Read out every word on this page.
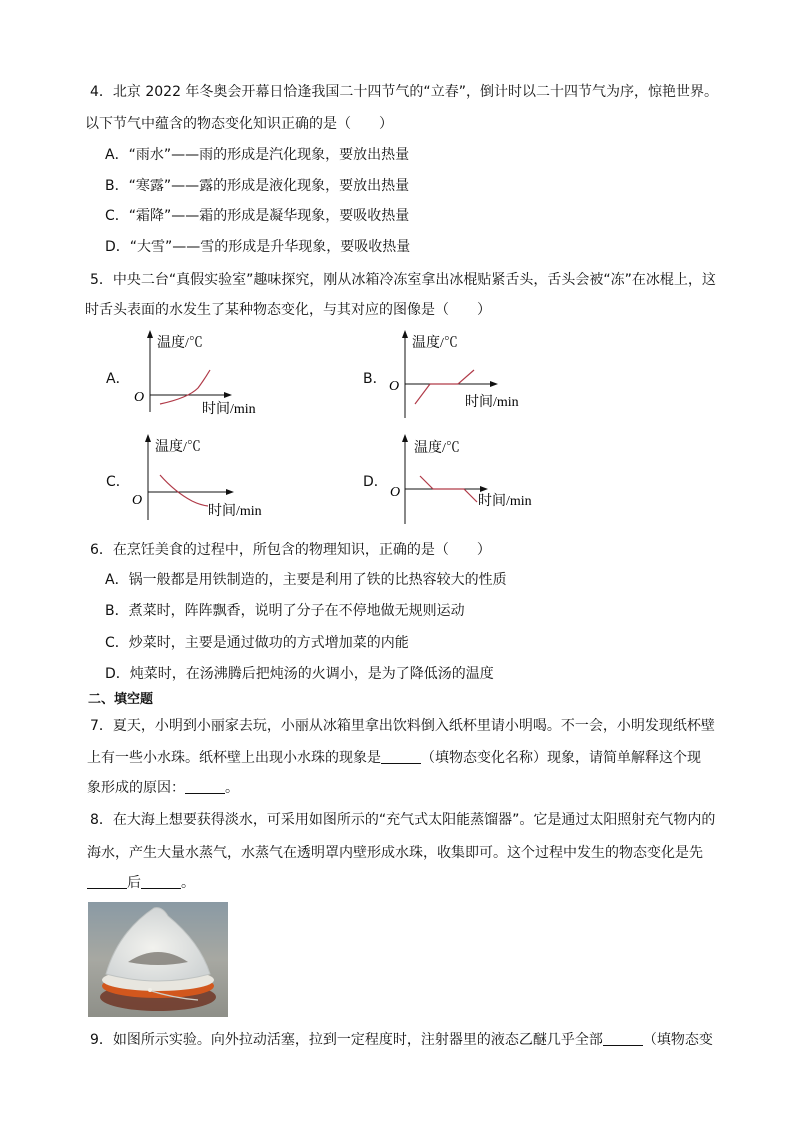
4．北京 2022 年冬奥会开幕日恰逢我国二十四节气的“立春”，倒计时以二十四节气为序，惊艳世界。
以下节气中蕴含的物态变化知识正确的是（　　）
A．“雨水”——雨的形成是汽化现象，要放出热量
B．“寒露”——露的形成是液化现象，要放出热量
C．“霜降”——霜的形成是凝华现象，要吸收热量
D．“大雪”——雪的形成是升华现象，要吸收热量
5．中央二台“真假实验室”趣味探究，刚从冰箱冷冻室拿出冰棍贴紧舌头，舌头会被“冻”在冰棍上，这
时舌头表面的水发生了某种物态变化，与其对应的图像是（　　）
A．
温度/℃
O
时间/min
B．
温度/℃
O
时间/min
C．
温度/℃
O
时间/min
D．
温度/℃
O
时间/min
6．在烹饪美食的过程中，所包含的物理知识，正确的是（　　）
A．锅一般都是用铁制造的，主要是利用了铁的比热容较大的性质
B．煮菜时，阵阵飘香，说明了分子在不停地做无规则运动
C．炒菜时，主要是通过做功的方式增加菜的内能
D．炖菜时，在汤沸腾后把炖汤的火调小，是为了降低汤的温度
二、填空题
7．夏天，小明到小丽家去玩，小丽从冰箱里拿出饮料倒入纸杯里请小明喝。不一会，小明发现纸杯壁
上有一些小水珠。纸杯壁上出现小水珠的现象是	（填物态变化名称）现象，请简单解释这个现
象形成的原因：	。
8．在大海上想要获得淡水，可采用如图所示的“充气式太阳能蒸馏器”。它是通过太阳照射充气物内的
海水，产生大量水蒸气，水蒸气在透明罩内壁形成水珠，收集即可。这个过程中发生的物态变化是先
后	。
9．如图所示实验。向外拉动活塞，拉到一定程度时，注射器里的液态乙醚几乎全部	（填物态变
